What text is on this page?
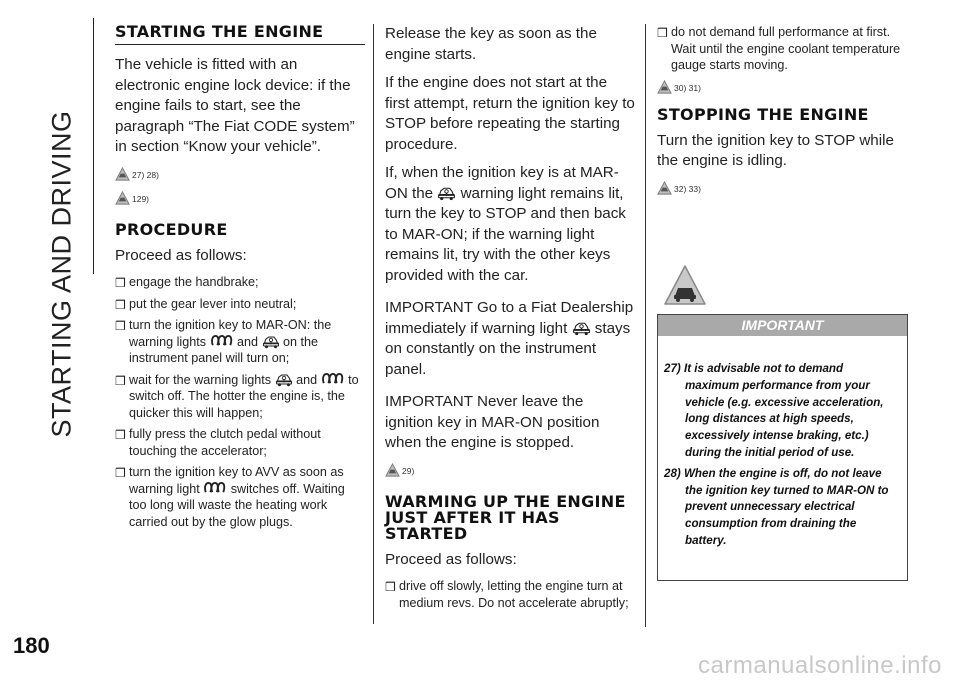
STARTING AND DRIVING
180
carmanualsonline.info
STARTING THE ENGINE

The vehicle is fitted with an electronic engine lock device: if the engine fails to start, see the paragraph “The Fiat CODE system” in section “Know your vehicle”.

27) 28)
129)
PROCEDURE

Proceed as follows:

❒ engage the handbrake;
❒ put the gear lever into neutral;
❒ turn the ignition key to MAR-ON: the warning lights and on the instrument panel will turn on;
❒ wait for the warning lights and to switch off. The hotter the engine is, the quicker this will happen;
❒ fully press the clutch pedal without touching the accelerator;
❒ turn the ignition key to AVV as soon as warning light switches off. Waiting too long will waste the heating work carried out by the glow plugs.

Release the key as soon as the engine starts.

If the engine does not start at the first attempt, return the ignition key to STOP before repeating the starting procedure.

If, when the ignition key is at MAR-ON the warning light remains lit, turn the key to STOP and then back to MAR-ON; if the warning light remains lit, try with the other keys provided with the car.

IMPORTANT Go to a Fiat Dealership immediately if warning light stays on constantly on the instrument panel.

IMPORTANT Never leave the ignition key in MAR-ON position when the engine is stopped.

29)
WARMING UP THE ENGINE JUST AFTER IT HAS STARTED

Proceed as follows:

❒ drive off slowly, letting the engine turn at medium revs. Do not accelerate abruptly;
❒ do not demand full performance at first. Wait until the engine coolant temperature gauge starts moving.
30) 31)
STOPPING THE ENGINE

Turn the ignition key to STOP while the engine is idling.

32) 33)
IMPORTANT

27) It is advisable not to demand maximum performance from your vehicle (e.g. excessive acceleration, long distances at high speeds, excessively intense braking, etc.) during the initial period of use.

28) When the engine is off, do not leave the ignition key turned to MAR-ON to prevent unnecessary electrical consumption from draining the battery.
